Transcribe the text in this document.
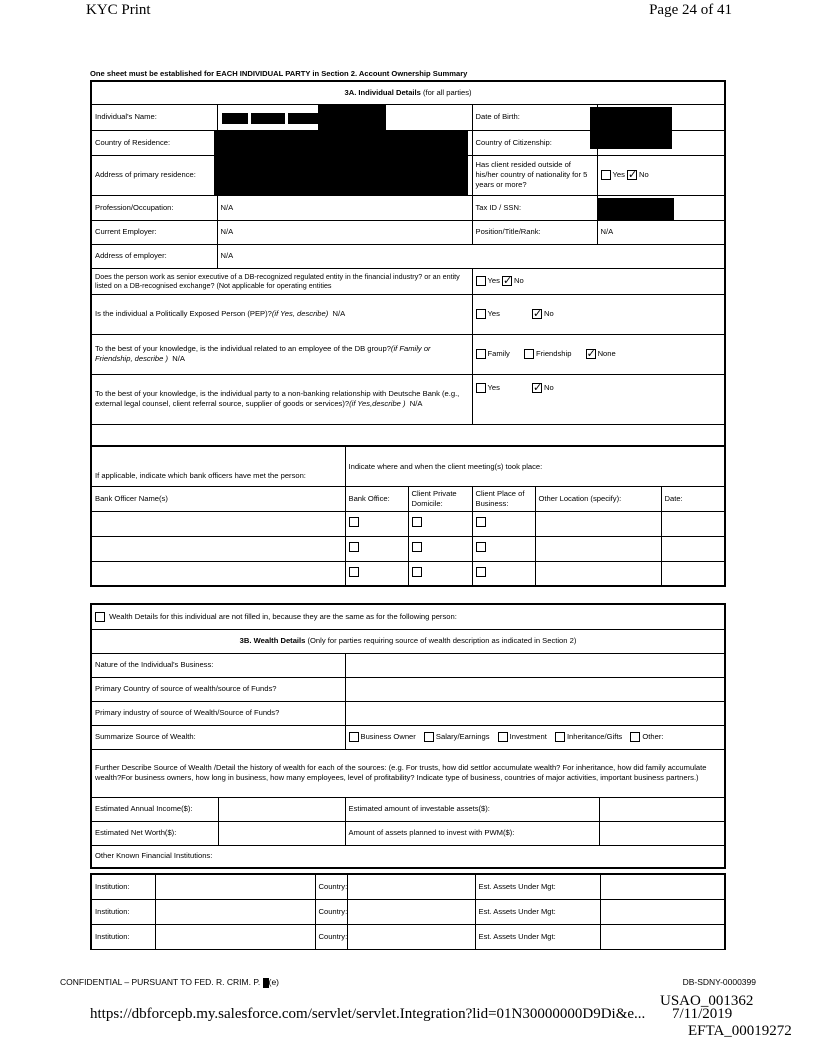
KYC Print	Page 24 of 41
One sheet must be established for EACH INDIVIDUAL PARTY in Section 2. Account Ownership Summary
3A. Individual Details (for all parties)			
Individual's Name:		Date of Birth:	
Country of Residence:		Country of Citizenship:	
Address of primary residence:		Has client resided outside of his/her country of nationality for 5 years or more?	Yes ✓ No
Profession/Occupation:	N/A	Tax ID / SSN:	
Current Employer:	N/A	Position/Title/Rank:	N/A
Address of employer:	N/A		
Does the person work as senior executive of a DB-recognized regulated entity in the financial industry? or an entity listed on a DB-recognised exchange? (Not applicable for operating entities		Yes ✓ No
Is the individual a Politically Exposed Person (PEP)?(if Yes, describe) N/A		Yes ✓ No
To the best of your knowledge, is the individual related to an employee of the DB group?(if Family or Friendship, describe ) N/A		Family Friendship ✓ None
To the best of your knowledge, is the individual party to a non-banking relationship with Deutsche Bank (e.g., external legal counsel, client referral source, supplier of goods or services)?(if Yes,describe ) N/A		Yes ✓ No

If applicable, indicate which bank officers have met the person:	Indicate where and when the client meeting(s) took place:				
Bank Officer Name(s)	Bank Office:	Client Private Domicile:	Client Place of Business:	Other Location (specify):	Date:

Wealth Details for this individual are not filled in, because they are the same as for the following person:			
3B. Wealth Details (Only for parties requiring source of wealth description as indicated in Section 2)			
Nature of the Individual's Business:			
Primary Country of source of wealth/source of Funds?			
Primary industry of source of Wealth/Source of Funds?			
Summarize Source of Wealth:		Business Owner Salary/Earnings Investment Inheritance/Gifts Other:	
Further Describe Source of Wealth /Detail the history of wealth for each of the sources: (e.g. For trusts, how did settlor accumulate wealth? For inheritance, how did family accumulate wealth?For business owners, how long in business, how many employees, level of profitability? Indicate type of business, countries of major activities, important business partners.)			
Estimated Annual Income($):		Estimated amount of investable assets($):	
Estimated Net Worth($):		Amount of assets planned to invest with PWM($):	
Other Known Financial Institutions:			
Institution:		Country:		Est. Assets Under Mgt:	
Institution:		Country:		Est. Assets Under Mgt:	
Institution:		Country:		Est. Assets Under Mgt:	
CONFIDENTIAL – PURSUANT TO FED. R. CRIM. P. (e)	DB-SDNY-0000399
https://dbforcepb.my.salesforce.com/servlet/servlet.Integration?lid=01N30000000D9Di&e...
USAO_001362
7/11/2019
EFTA_00019272
